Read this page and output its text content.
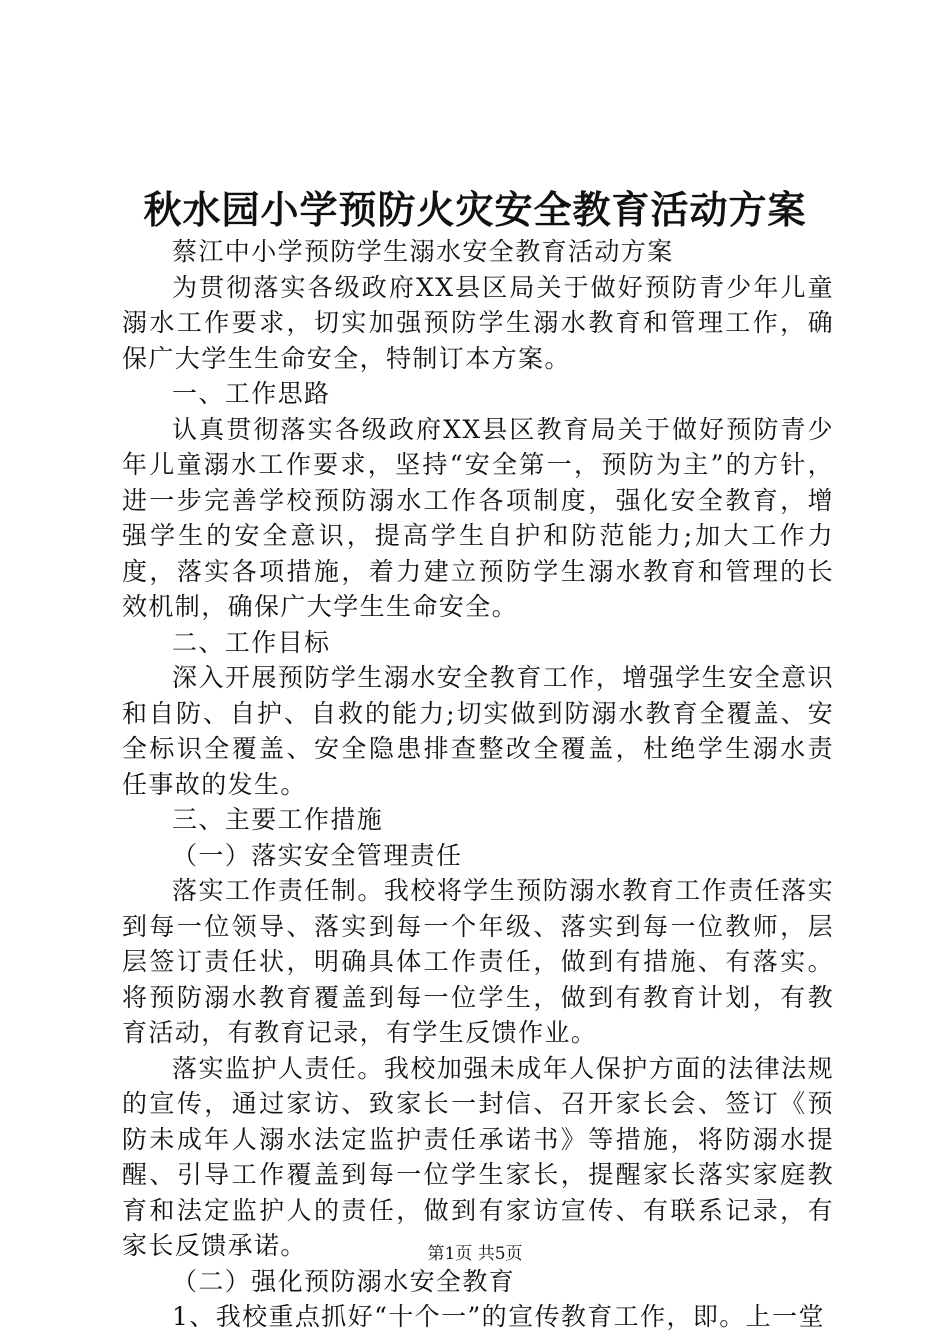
秋水园小学预防火灾安全教育活动方案

蔡江中小学预防学生溺水安全教育活动方案

为贯彻落实各级政府XX县区局关于做好预防青少年儿童溺水工作要求，切实加强预防学生溺水教育和管理工作，确保广大学生生命安全，特制订本方案。

一、工作思路

认真贯彻落实各级政府XX县区教育局关于做好预防青少年儿童溺水工作要求，坚持“安全第一，预防为主”的方针，进一步完善学校预防溺水工作各项制度，强化安全教育，增强学生的安全意识，提高学生自护和防范能力;加大工作力度，落实各项措施，着力建立预防学生溺水教育和管理的长效机制，确保广大学生生命安全。

二、工作目标

深入开展预防学生溺水安全教育工作，增强学生安全意识和自防、自护、自救的能力;切实做到防溺水教育全覆盖、安全标识全覆盖、安全隐患排查整改全覆盖，杜绝学生溺水责任事故的发生。

三、主要工作措施

（一）落实安全管理责任

落实工作责任制。我校将学生预防溺水教育工作责任落实到每一位领导、落实到每一个年级、落实到每一位教师，层层签订责任状，明确具体工作责任，做到有措施、有落实。将预防溺水教育覆盖到每一位学生，做到有教育计划，有教育活动，有教育记录，有学生反馈作业。

落实监护人责任。我校加强未成年人保护方面的法律法规的宣传，通过家访、致家长一封信、召开家长会、签订《预防未成年人溺水法定监护责任承诺书》等措施，将防溺水提醒、引导工作覆盖到每一位学生家长，提醒家长落实家庭教育和法定监护人的责任，做到有家访宣传、有联系记录，有家长反馈承诺。

（二）强化预防溺水安全教育

1、我校重点抓好“十个一”的宣传教育工作，即。上一堂

第1页 共5页
